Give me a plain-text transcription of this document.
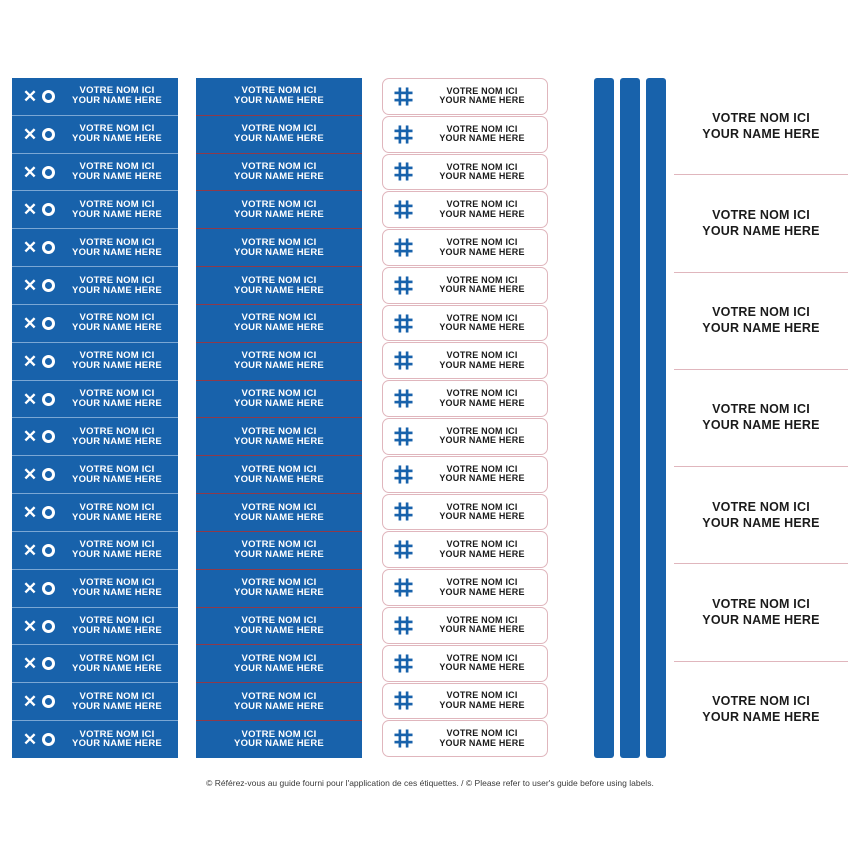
✕	VOTRE NOM ICI
YOUR NAME HERE
✕	VOTRE NOM ICI
YOUR NAME HERE
✕	VOTRE NOM ICI
YOUR NAME HERE
✕	VOTRE NOM ICI
YOUR NAME HERE
✕	VOTRE NOM ICI
YOUR NAME HERE
✕	VOTRE NOM ICI
YOUR NAME HERE
✕	VOTRE NOM ICI
YOUR NAME HERE
✕	VOTRE NOM ICI
YOUR NAME HERE
✕	VOTRE NOM ICI
YOUR NAME HERE
✕	VOTRE NOM ICI
YOUR NAME HERE
✕	VOTRE NOM ICI
YOUR NAME HERE
✕	VOTRE NOM ICI
YOUR NAME HERE
✕	VOTRE NOM ICI
YOUR NAME HERE
✕	VOTRE NOM ICI
YOUR NAME HERE
✕	VOTRE NOM ICI
YOUR NAME HERE
✕	VOTRE NOM ICI
YOUR NAME HERE
✕	VOTRE NOM ICI
YOUR NAME HERE
✕	VOTRE NOM ICI
YOUR NAME HERE
VOTRE NOM ICI
YOUR NAME HERE
VOTRE NOM ICI
YOUR NAME HERE
VOTRE NOM ICI
YOUR NAME HERE
VOTRE NOM ICI
YOUR NAME HERE
VOTRE NOM ICI
YOUR NAME HERE
VOTRE NOM ICI
YOUR NAME HERE
VOTRE NOM ICI
YOUR NAME HERE
VOTRE NOM ICI
YOUR NAME HERE
VOTRE NOM ICI
YOUR NAME HERE
VOTRE NOM ICI
YOUR NAME HERE
VOTRE NOM ICI
YOUR NAME HERE
VOTRE NOM ICI
YOUR NAME HERE
VOTRE NOM ICI
YOUR NAME HERE
VOTRE NOM ICI
YOUR NAME HERE
VOTRE NOM ICI
YOUR NAME HERE
VOTRE NOM ICI
YOUR NAME HERE
VOTRE NOM ICI
YOUR NAME HERE
VOTRE NOM ICI
YOUR NAME HERE
VOTRE NOM ICI
YOUR NAME HERE
VOTRE NOM ICI
YOUR NAME HERE
VOTRE NOM ICI
YOUR NAME HERE
VOTRE NOM ICI
YOUR NAME HERE
VOTRE NOM ICI
YOUR NAME HERE
VOTRE NOM ICI
YOUR NAME HERE
VOTRE NOM ICI
YOUR NAME HERE
VOTRE NOM ICI
YOUR NAME HERE
VOTRE NOM ICI
YOUR NAME HERE
VOTRE NOM ICI
YOUR NAME HERE
VOTRE NOM ICI
YOUR NAME HERE
VOTRE NOM ICI
YOUR NAME HERE
VOTRE NOM ICI
YOUR NAME HERE
VOTRE NOM ICI
YOUR NAME HERE
VOTRE NOM ICI
YOUR NAME HERE
VOTRE NOM ICI
YOUR NAME HERE
VOTRE NOM ICI
YOUR NAME HERE
VOTRE NOM ICI
YOUR NAME HERE
VOTRE NOM ICI
YOUR NAME HERE
VOTRE NOM ICI
YOUR NAME HERE
VOTRE NOM ICI
YOUR NAME HERE
VOTRE NOM ICI
YOUR NAME HERE
VOTRE NOM ICI
YOUR NAME HERE
VOTRE NOM ICI
YOUR NAME HERE
VOTRE NOM ICI
YOUR NAME HERE
© Référez-vous au guide fourni pour l'application de ces étiquettes. / © Please refer to user's guide before using labels.
